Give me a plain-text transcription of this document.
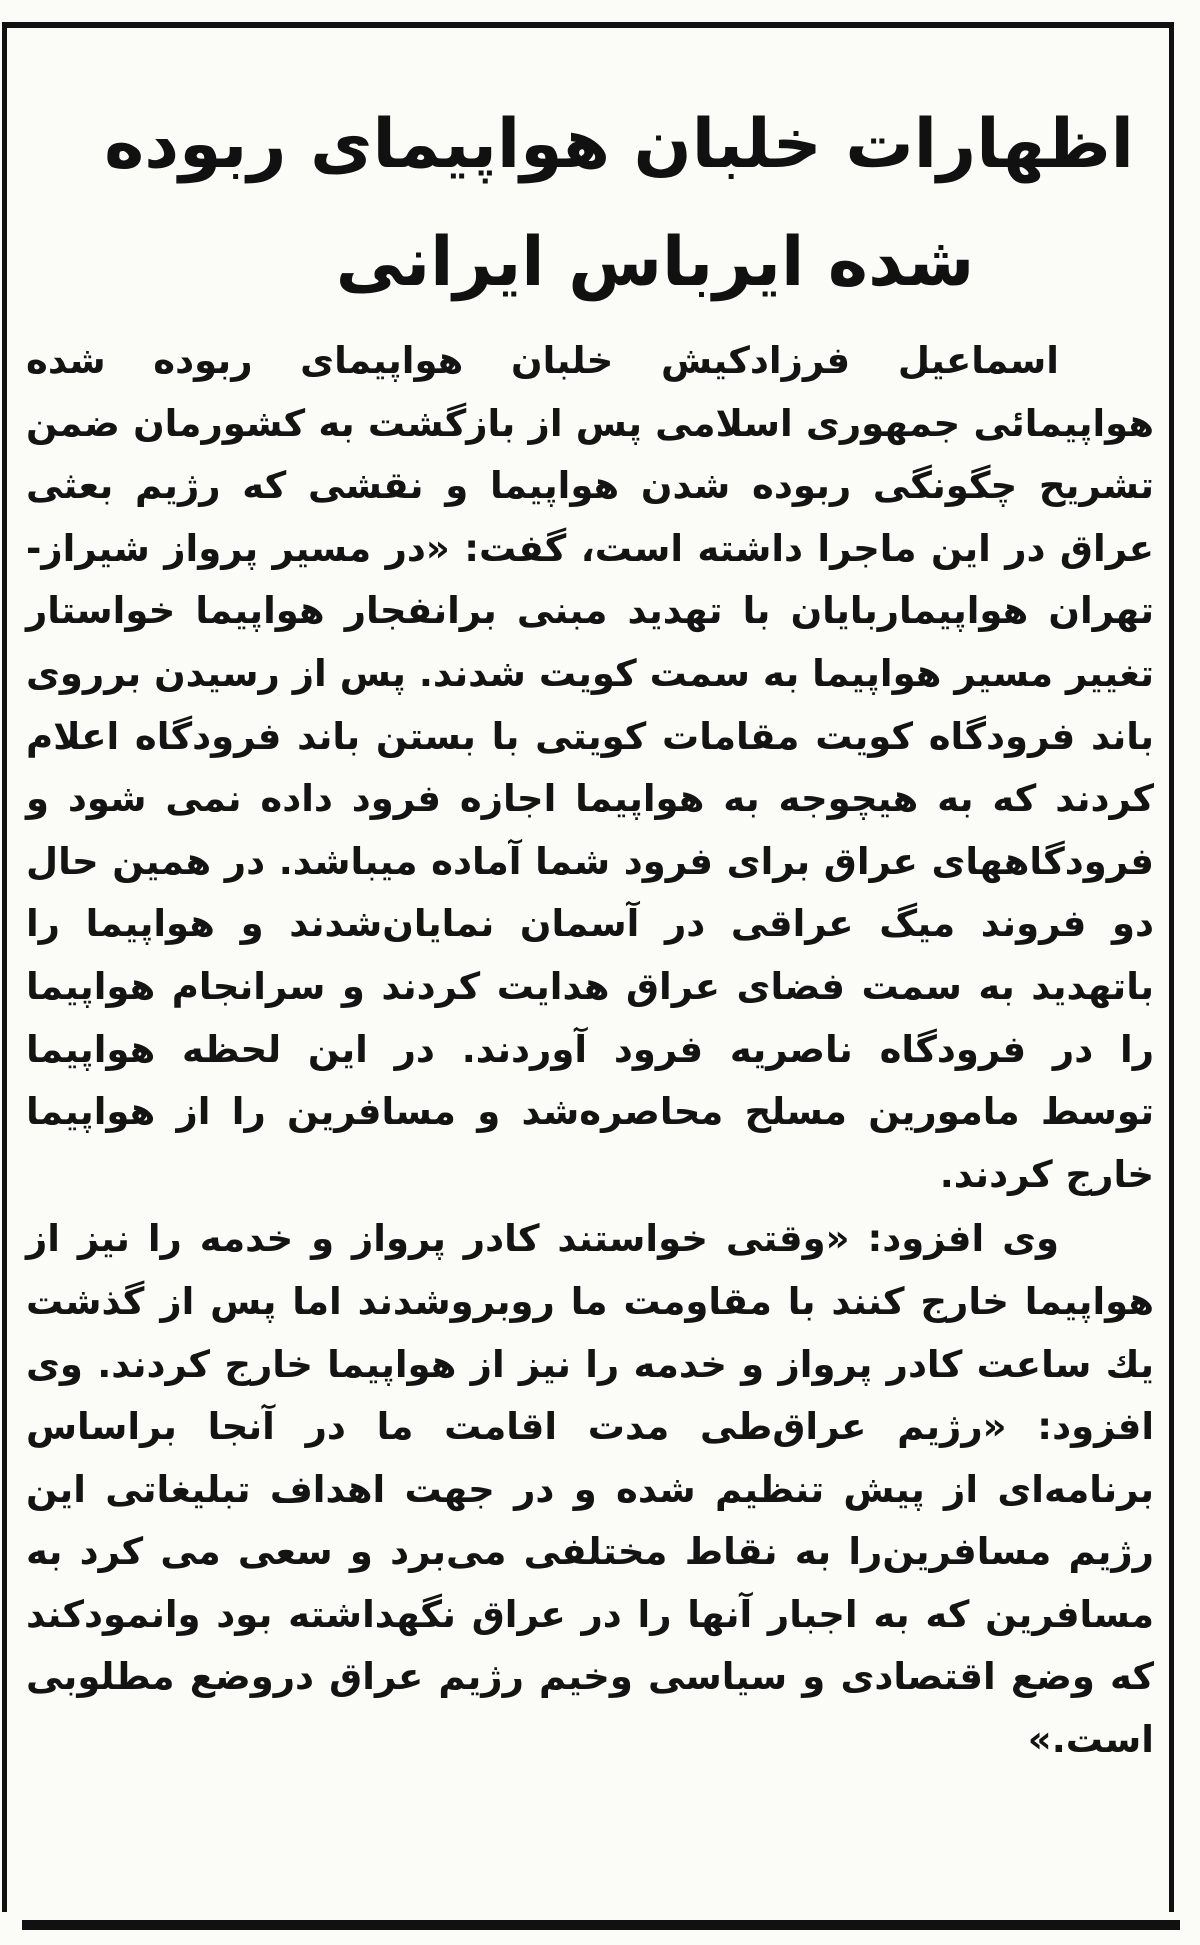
اظهارات خلبان هواپیمای ربوده
شده ایرباس ایرانی

اسماعیل فرزادکیش خلبان هواپیمای ربوده شده هواپیمائی جمهوری اسلامی پس از بازگشت به کشورمان ضمن تشریح چگونگی ربوده شدن هواپیما و نقشی که رژیم بعثی عراق در این ماجرا داشته است، گفت: «در مسیر پرواز شیراز- تهران هواپیماربایان با تهدید مبنی برانفجار هواپیما خواستار تغییر مسیر هواپیما به سمت کویت شدند. پس از رسیدن برروی باند فرودگاه کویت مقامات کویتی با بستن باند فرودگاه اعلام کردند که به هیچوجه به هواپیما اجازه فرود داده نمی شود و فرودگاههای عراق برای فرود شما آماده میباشد. در همین حال دو فروند میگ عراقی در آسمان نمایان‌شدند و هواپیما را باتهدید به سمت فضای عراق هدایت کردند و سرانجام هواپیما را در فرودگاه ناصریه فرود آوردند. در این لحظه هواپیما توسط مامورین مسلح محاصره‌شد و مسافرین را از هواپیما خارج کردند.

وی افزود: «وقتی خواستند کادر پرواز و خدمه را نیز از هواپیما خارج کنند با مقاومت ما روبروشدند اما پس از گذشت یك ساعت کادر پرواز و خدمه را نیز از هواپیما خارج کردند. وی افزود: «رژیم عراق‌طی مدت اقامت ما در آنجا براساس برنامه‌ای از پیش تنظیم شده و در جهت اهداف تبلیغاتی این رژیم مسافرین‌را به نقاط مختلفی می‌برد و سعی می کرد به مسافرین که به اجبار آنها را در عراق نگهداشته بود وانمودکند که وضع اقتصادی و سیاسی وخیم رژیم عراق دروضع مطلوبی است.»
